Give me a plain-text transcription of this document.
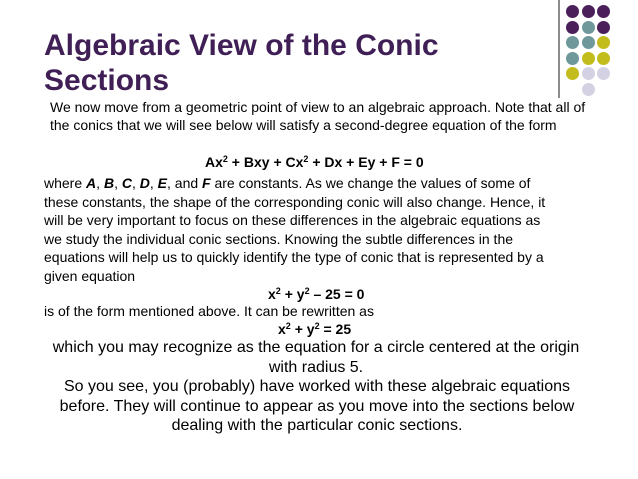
Algebraic View of the Conic Sections

We now move from a geometric point of view to an algebraic approach. Note that all of the conics that we will see below will satisfy a second-degree equation of the form

$Ax^2$ + Bxy + $Cx^2 + Dx + Ey + F = 0$
where A, B, C, D, E, and F are constants. As we change the values of some of
these constants, the shape of the corresponding conic will also change. Hence, it
will be very important to focus on these differences in the algebraic equations as
we study the individual conic sections. Knowing the subtle differences in the
equations will help us to quickly identify the type of conic that is represented by a
given equation
$x^2 + y^2 - 25 = 0$
is of the form mentioned above. It can be rewritten as
$x^2 + y^2 = 25$

which you may recognize as the equation for a circle centered at the origin with radius 5.

So you see, you (probably) have worked with these algebraic equations before. They will continue to appear as you move into the sections below dealing with the particular conic sections.
